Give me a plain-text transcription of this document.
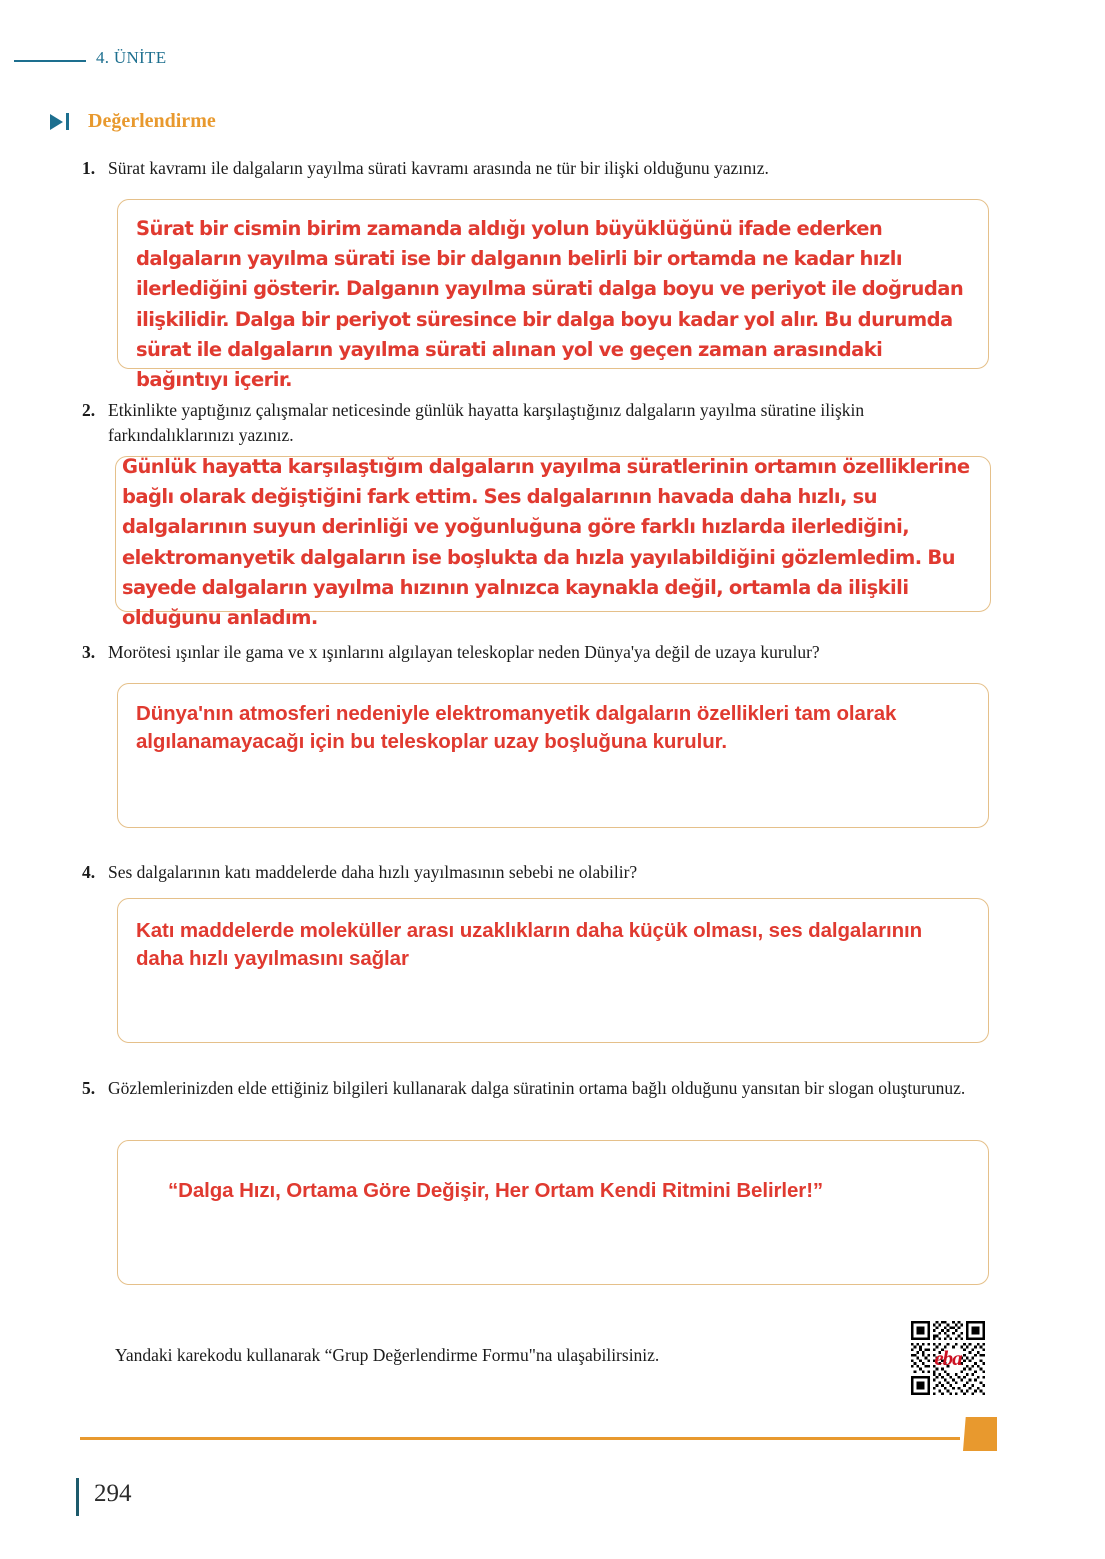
4. ÜNİTE
Değerlendirme
1. Sürat kavramı ile dalgaların yayılma sürati kavramı arasında ne tür bir ilişki olduğunu yazınız.
Sürat bir cismin birim zamanda aldığı yolun büyüklüğünü ifade ederken dalgaların yayılma sürati ise bir dalganın belirli bir ortamda ne kadar hızlı ilerlediğini gösterir. Dalganın yayılma sürati dalga boyu ve periyot ile doğrudan ilişkilidir. Dalga bir periyot süresince bir dalga boyu kadar yol alır. Bu durumda sürat ile dalgaların yayılma sürati alınan yol ve geçen zaman arasındaki bağıntıyı içerir.
2. Etkinlikte yaptığınız çalışmalar neticesinde günlük hayatta karşılaştığınız dalgaların yayılma süratine ilişkin farkındalıklarınızı yazınız.
Günlük hayatta karşılaştığım dalgaların yayılma süratlerinin ortamın özelliklerine bağlı olarak değiştiğini fark ettim. Ses dalgalarının havada daha hızlı, su dalgalarının suyun derinliği ve yoğunluğuna göre farklı hızlarda ilerlediğini, elektromanyetik dalgaların ise boşlukta da hızla yayılabildiğini gözlemledim. Bu sayede dalgaların yayılma hızının yalnızca kaynakla değil, ortamla da ilişkili olduğunu anladım.
3. Morötesi ışınlar ile gama ve x ışınlarını algılayan teleskoplar neden Dünya'ya değil de uzaya kurulur?
Dünya'nın atmosferi nedeniyle elektromanyetik dalgaların özellikleri tam olarak algılanamayacağı için bu teleskoplar uzay boşluğuna kurulur.
4. Ses dalgalarının katı maddelerde daha hızlı yayılmasının sebebi ne olabilir?
Katı maddelerde moleküller arası uzaklıkların daha küçük olması, ses dalgalarının daha hızlı yayılmasını sağlar
5. Gözlemlerinizden elde ettiğiniz bilgileri kullanarak dalga süratinin ortama bağlı olduğunu yansıtan bir slogan oluşturunuz.
“Dalga Hızı, Ortama Göre Değişir, Her Ortam Kendi Ritmini Belirler!”
Yandaki karekodu kullanarak “Grup Değerlendirme Formu"na ulaşabilirsiniz.	eba
294
